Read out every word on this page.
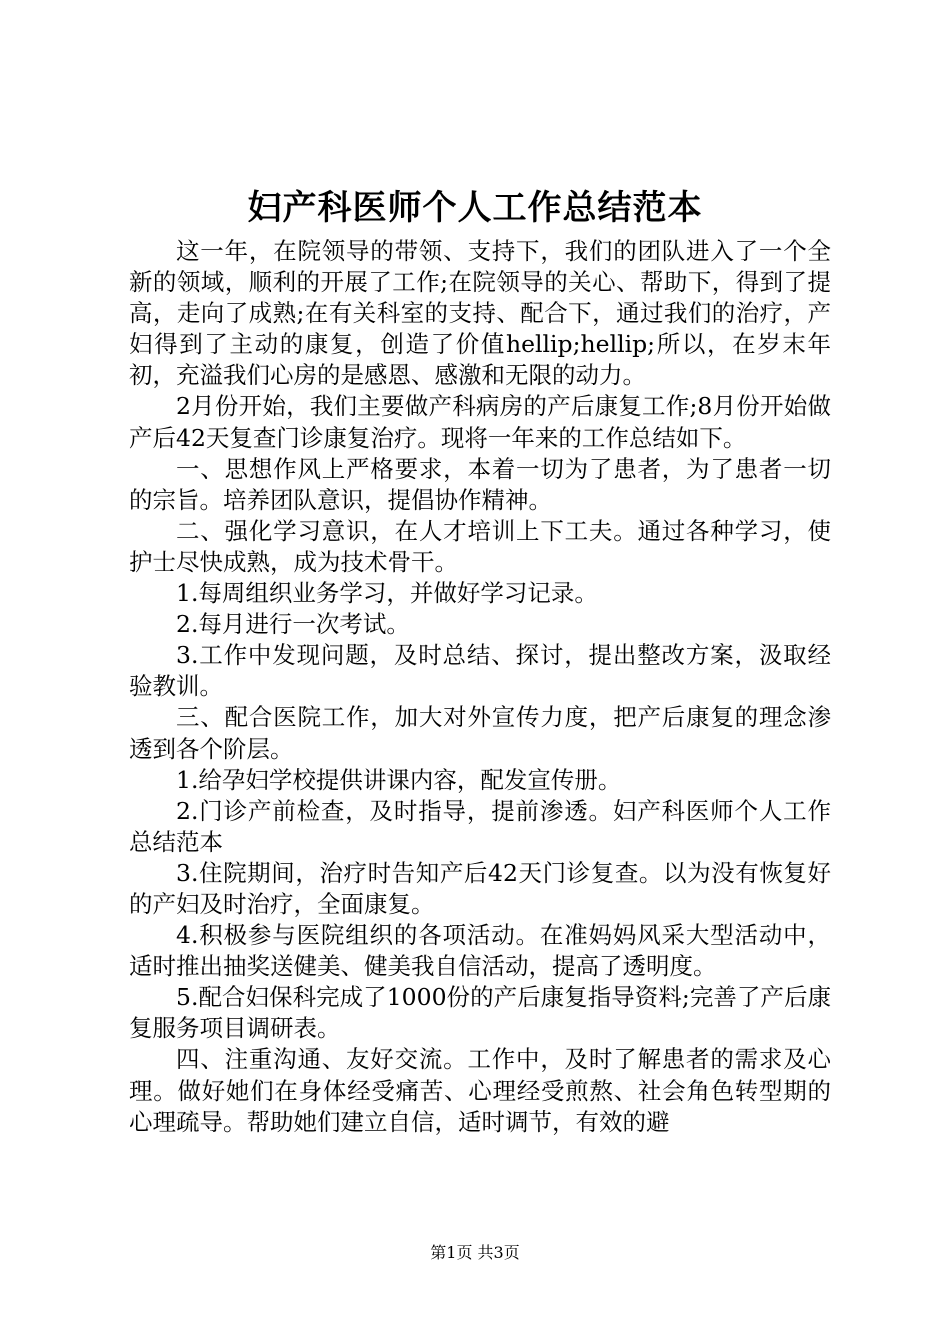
妇产科医师个人工作总结范本

这一年，在院领导的带领、支持下，我们的团队进入了一个全新的领域，顺利的开展了工作;在院领导的关心、帮助下，得到了提高，走向了成熟;在有关科室的支持、配合下，通过我们的治疗，产妇得到了主动的康复，创造了价值hellip;hellip;所以，在岁末年初，充溢我们心房的是感恩、感激和无限的动力。

2月份开始，我们主要做产科病房的产后康复工作;8月份开始做产后42天复查门诊康复治疗。现将一年来的工作总结如下。

一、思想作风上严格要求，本着一切为了患者，为了患者一切的宗旨。培养团队意识，提倡协作精神。

二、强化学习意识，在人才培训上下工夫。通过各种学习，使护士尽快成熟，成为技术骨干。

1.每周组织业务学习，并做好学习记录。

2.每月进行一次考试。

3.工作中发现问题，及时总结、探讨，提出整改方案，汲取经验教训。

三、配合医院工作，加大对外宣传力度，把产后康复的理念渗透到各个阶层。

1.给孕妇学校提供讲课内容，配发宣传册。

2.门诊产前检查，及时指导，提前渗透。妇产科医师个人工作总结范本

3.住院期间，治疗时告知产后42天门诊复查。以为没有恢复好的产妇及时治疗，全面康复。

4.积极参与医院组织的各项活动。在准妈妈风采大型活动中，适时推出抽奖送健美、健美我自信活动，提高了透明度。

5.配合妇保科完成了1000份的产后康复指导资料;完善了产后康复服务项目调研表。

四、注重沟通、友好交流。工作中，及时了解患者的需求及心理。做好她们在身体经受痛苦、心理经受煎熬、社会角色转型期的心理疏导。帮助她们建立自信，适时调节，有效的避

第1页 共3页
